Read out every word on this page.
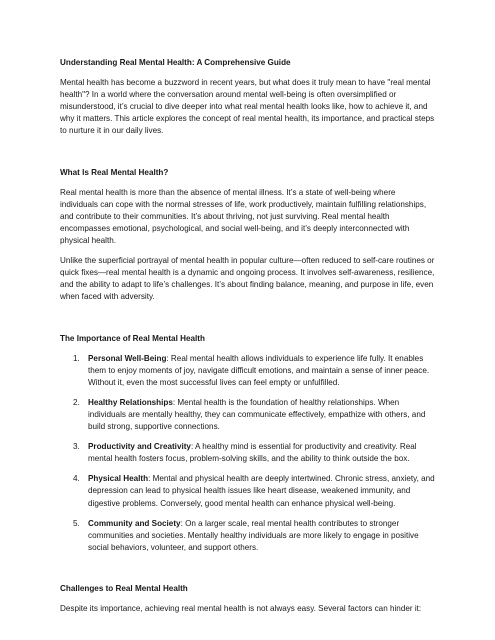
Understanding Real Mental Health: A Comprehensive Guide

Mental health has become a buzzword in recent years, but what does it truly mean to have "real mental health"? In a world where the conversation around mental well-being is often oversimplified or misunderstood, it’s crucial to dive deeper into what real mental health looks like, how to achieve it, and why it matters. This article explores the concept of real mental health, its importance, and practical steps to nurture it in our daily lives.

What Is Real Mental Health?

Real mental health is more than the absence of mental illness. It’s a state of well-being where individuals can cope with the normal stresses of life, work productively, maintain fulfilling relationships, and contribute to their communities. It’s about thriving, not just surviving. Real mental health encompasses emotional, psychological, and social well-being, and it’s deeply interconnected with physical health.

Unlike the superficial portrayal of mental health in popular culture—often reduced to self-care routines or quick fixes—real mental health is a dynamic and ongoing process. It involves self-awareness, resilience, and the ability to adapt to life’s challenges. It’s about finding balance, meaning, and purpose in life, even when faced with adversity.

The Importance of Real Mental Health
1. Personal Well-Being: Real mental health allows individuals to experience life fully. It enables them to enjoy moments of joy, navigate difficult emotions, and maintain a sense of inner peace. Without it, even the most successful lives can feel empty or unfulfilled.
2. Healthy Relationships: Mental health is the foundation of healthy relationships. When individuals are mentally healthy, they can communicate effectively, empathize with others, and build strong, supportive connections.
3. Productivity and Creativity: A healthy mind is essential for productivity and creativity. Real mental health fosters focus, problem-solving skills, and the ability to think outside the box.
4. Physical Health: Mental and physical health are deeply intertwined. Chronic stress, anxiety, and depression can lead to physical health issues like heart disease, weakened immunity, and digestive problems. Conversely, good mental health can enhance physical well-being.
5. Community and Society: On a larger scale, real mental health contributes to stronger communities and societies. Mentally healthy individuals are more likely to engage in positive social behaviors, volunteer, and support others.
Challenges to Real Mental Health

Despite its importance, achieving real mental health is not always easy. Several factors can hinder it:
